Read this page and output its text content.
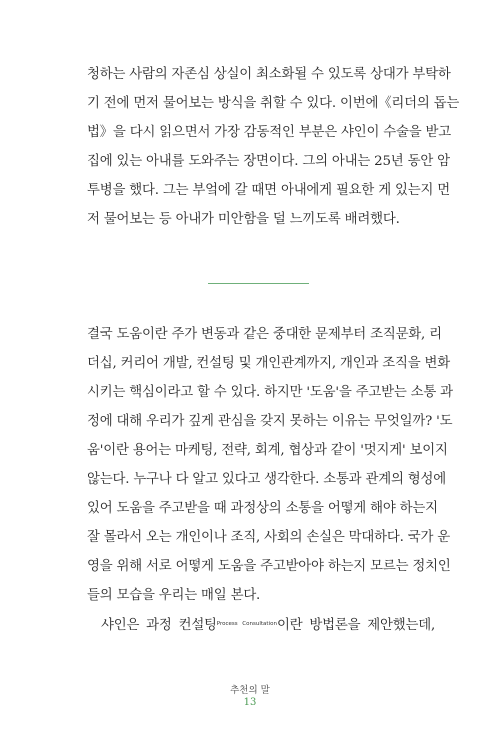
청하는 사람의 자존심 상실이 최소화될 수 있도록 상대가 부탁하
기 전에 먼저 물어보는 방식을 취할 수 있다. 이번에《리더의 돕는
법》을 다시 읽으면서 가장 감동적인 부분은 샤인이 수술을 받고
집에 있는 아내를 도와주는 장면이다. 그의 아내는 25년 동안 암
투병을 했다. 그는 부엌에 갈 때면 아내에게 필요한 게 있는지 먼
저 물어보는 등 아내가 미안함을 덜 느끼도록 배려했다.
결국 도움이란 주가 변동과 같은 중대한 문제부터 조직문화, 리
더십, 커리어 개발, 컨설팅 및 개인관계까지, 개인과 조직을 변화
시키는 핵심이라고 할 수 있다. 하지만 '도움'을 주고받는 소통 과
정에 대해 우리가 깊게 관심을 갖지 못하는 이유는 무엇일까? '도
움'이란 용어는 마케팅, 전략, 회계, 협상과 같이 '멋지게' 보이지
않는다. 누구나 다 알고 있다고 생각한다. 소통과 관계의 형성에
있어 도움을 주고받을 때 과정상의 소통을 어떻게 해야 하는지
잘 몰라서 오는 개인이나 조직, 사회의 손실은 막대하다. 국가 운
영을 위해 서로 어떻게 도움을 주고받아야 하는지 모르는 정치인
들의 모습을 우리는 매일 본다.
샤인은 과정 컨설팅$^{Process Consultation}$이란 방법론을 제안했는데,
추천의 말
13
